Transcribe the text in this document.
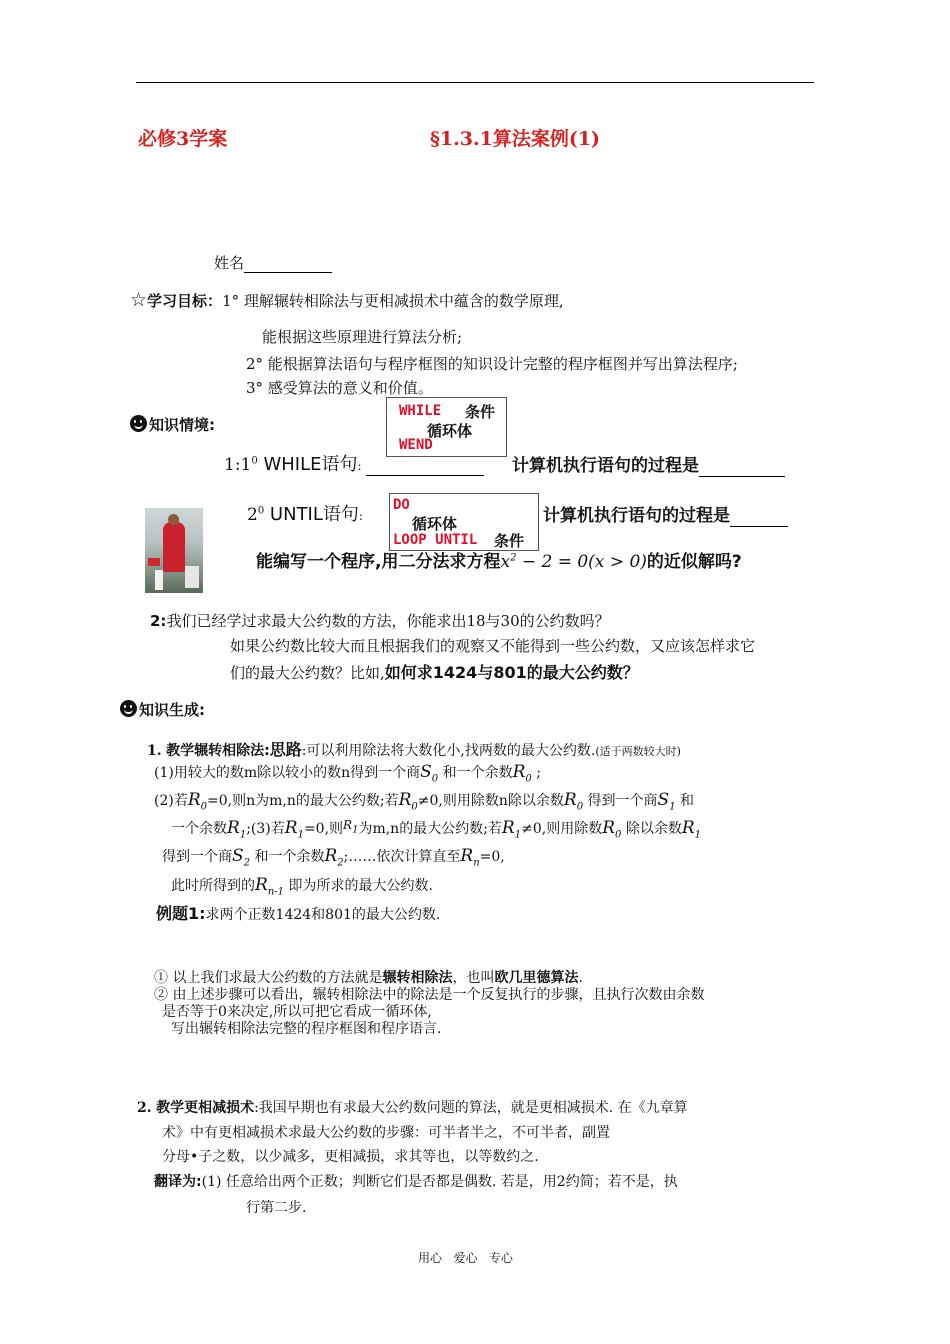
必修3学案	§1.3.1算法案例(1)
姓名
☆学习目标：1° 理解辗转相除法与更相减损术中蕴含的数学原理,
能根据这些原理进行算法分析;
2° 能根据算法语句与程序框图的知识设计完整的程序框图并写出算法程序;
3° 感受算法的意义和价值。
知识情境:
WHILE 条件
循环体
WEND
$1:1^0$ WHILE语句:	计算机执行语句的过程是
DO
循环体
LOOP UNTIL 条件
$2^0$ UNTIL语句:	计算机执行语句的过程是
能编写一个程序,用二分法求方程$x^2 - 2 = 0(x > 0)$的近似解吗?
2:我们已经学过求最大公约数的方法，你能求出18与30的公约数吗？
如果公约数比较大而且根据我们的观察又不能得到一些公约数，又应该怎样求它
们的最大公约数？比如,如何求1424与801的最大公约数？
知识生成:
1. 教学辗转相除法:思路:可以利用除法将大数化小,找两数的最大公约数.(适于两数较大时)
(1)用较大的数m除以较小的数n得到一个商$S_0$ 和一个余数$R_0$ ;
(2)若$R_0=0$,则n为m,n的最大公约数;若$R_0\ne 0$,则用除数n除以余数$R_0$ 得到一个商$S_1$ 和
一个余数$R_1;(3)$若$R_1=0$,则$R_1$为m,n的最大公约数;若$R_1\ne 0$,则用除数$R_0$ 除以余数$R_1$
得到一个商$S_2$ 和一个余数$R_2;\dots\dots$依次计算直至$R_n=0$,
此时所得到的$R_{n-1}$ 即为所求的最大公约数.
例题1:求两个正数1424和801的最大公约数.
① 以上我们求最大公约数的方法就是辗转相除法，也叫欧几里德算法.
② 由上述步骤可以看出，辗转相除法中的除法是一个反复执行的步骤，且执行次数由余数
是否等于0来决定,所以可把它看成一循环体,
写出辗转相除法完整的程序框图和程序语言.
2. 教学更相减损术:我国早期也有求最大公约数问题的算法，就是更相减损术. 在《九章算
术》中有更相减损术求最大公约数的步骤：可半者半之，不可半者，副置
分母•子之数，以少减多，更相减损，求其等也，以等数约之.
翻译为:(1) 任意给出两个正数；判断它们是否都是偶数. 若是，用2约简；若不是，执
行第二步.
用心   爱心   专心
